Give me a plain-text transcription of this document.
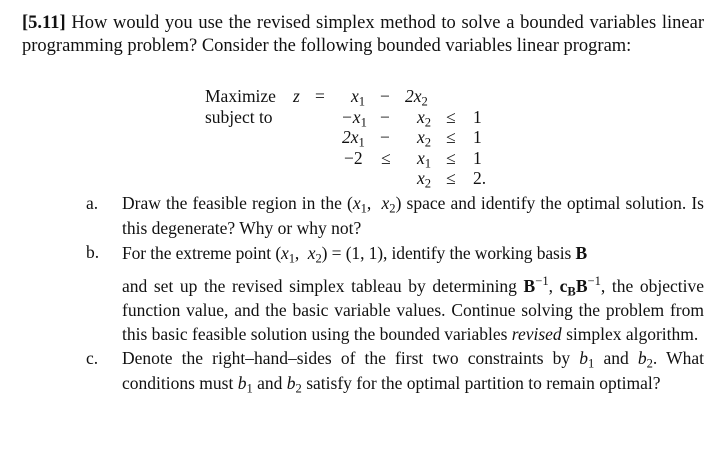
[5.11] How would you use the revised simplex method to solve a bounded variables linear programming problem? Consider the following bounded variables linear program:
Maximize $z = x_1 - 2x_2$
subject to	$-x_1 - x_2 \le 1$
$2x_1 - x_2 \le 1$
$-2 \le x_1 \le 1$
$x_2 \le 2$.
a. Draw the feasible region in the ($x_1$, $x_2$) space and identify the optimal solution. Is this degenerate? Why or why not?
b. For the extreme point ($x_1$, $x_2) = (1$, 1), identify the working basis B
and set up the revised simplex tableau by determining $B^{-1}$, $c_BB^{-1}$, the objective function value, and the basic variable values. Continue solving the problem from this basic feasible solution using the bounded variables revised simplex algorithm.
c. Denote the right–hand–sides of the first two constraints by $b_1$ and $b_2$. What conditions must $b_1$ and $b_2$ satisfy for the optimal partition to remain optimal?
